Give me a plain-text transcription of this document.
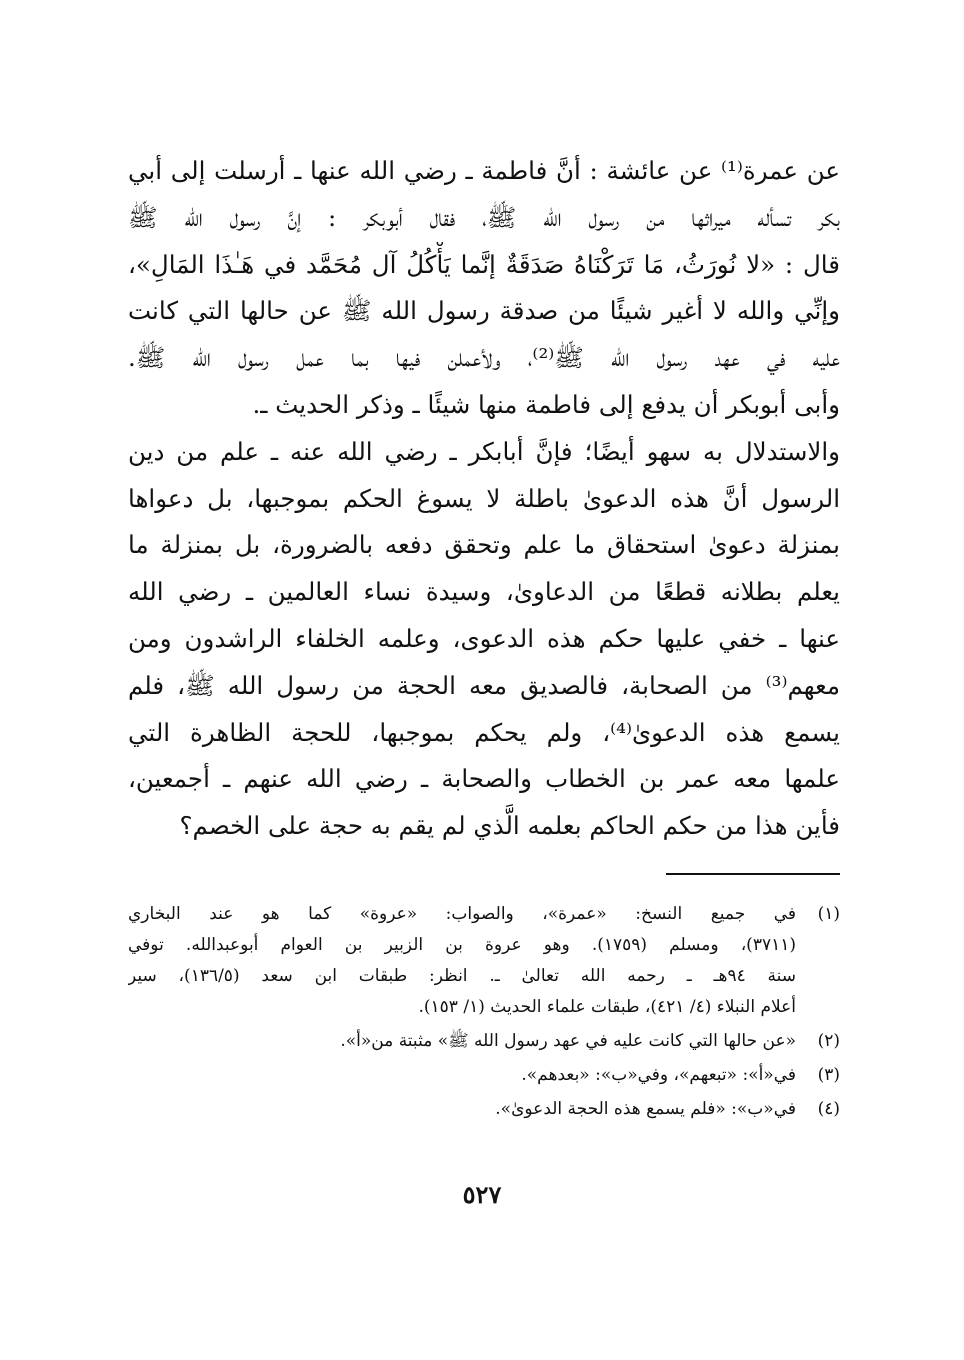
عن عمرة⁽¹⁾ عن عائشة : أنَّ فاطمة ـ رضي الله عنها ـ أرسلت إلى أبي
بكر تسأله ميراثها من رسول الله ﷺ، فقال أبوبكر : إنَّ رسول الله ﷺ
قال : «لا نُورَثُ، مَا تَرَكْنَاهُ صَدَقَةٌ إنَّما يَأْكُلُ آل مُحَمَّد في هَـٰذَا المَالِ»،
وإنِّي والله لا أغير شيئًا من صدقة رسول الله ﷺ عن حالها التي كانت
عليه في عهد رسول الله ﷺ⁽²⁾، ولأعملن فيها بما عمل رسول الله ﷺ.
وأبى أبوبكر أن يدفع إلى فاطمة منها شيئًا ـ وذكر الحديث ـ.
والاستدلال به سهو أيضًا؛ فإنَّ أبابكر ـ رضي الله عنه ـ علم من دين
الرسول أنَّ هذه الدعوىٰ باطلة لا يسوغ الحكم بموجبها، بل دعواها
بمنزلة دعوىٰ استحقاق ما علم وتحقق دفعه بالضرورة، بل بمنزلة ما
يعلم بطلانه قطعًا من الدعاوىٰ، وسيدة نساء العالمين ـ رضي الله
عنها ـ خفي عليها حكم هذه الدعوى، وعلمه الخلفاء الراشدون ومن
معهم⁽³⁾ من الصحابة، فالصديق معه الحجة من رسول الله ﷺ، فلم
يسمع هذه الدعوىٰ⁽⁴⁾، ولم يحكم بموجبها، للحجة الظاهرة التي
علمها معه عمر بن الخطاب والصحابة ـ رضي الله عنهم ـ أجمعين،
فأين هذا من حكم الحاكم بعلمه الَّذي لم يقم به حجة على الخصم؟
(١)
في جميع النسخ: «عمرة»، والصواب: «عروة» كما هو عند البخاري
(٣٧١١)، ومسلم (١٧٥٩). وهو عروة بن الزبير بن العوام أبوعبدالله. توفي
سنة ٩٤هـ ـ رحمه الله تعالىٰ ـ. انظر: طبقات ابن سعد (١٣٦/٥)، سير
أعلام النبلاء (٤/ ٤٢١)، طبقات علماء الحديث (١/ ١٥٣).
(٢)
«عن حالها التي كانت عليه في عهد رسول الله ﷺ» مثبتة من«أ».
(٣)
في«أ»: «تبعهم»، وفي«ب»: «بعدهم».
(٤)
في«ب»: «فلم يسمع هذه الحجة الدعوىٰ».
٥٢٧
